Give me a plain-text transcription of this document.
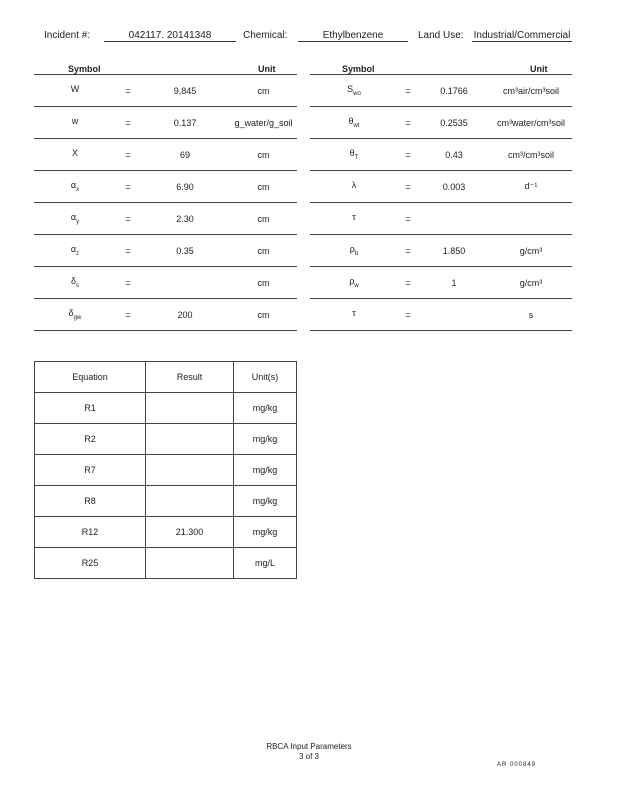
Incident #:	042117. 20141348	Chemical:	Ethylbenzene	Land Use: Industrial/Commercial
Symbol	Unit	Symbol	Unit
W	=	9,845	cm
w	=	0.137	g_water/g_soil
X	=	69	cm
$\alpha_x$	=	6.90	cm
$\alpha_y$	=	2.30	cm
$\alpha_z$	=	0.35	cm
$\delta_s$	=		cm
$\delta_{gw}$	=	200	cm
$S_{wo}$	=	0.1766	cm³air/cm³soil
$\theta_{wt}$	=	0.2535	cm³water/cm³soil
$\theta_T$	=	0.43	cm³/cm³soil
λ	=	0.003	d⁻¹
τ	=		
$\rho_b$	=	1.850	g/cm³
$\rho_w$	=	1	g/cm³
τ	=		s
Equation	Result	Unit(s)
R1		mg/kg
R2		mg/kg
R7		mg/kg
R8		mg/kg
R12	21.300	mg/kg
R25		mg/L
RBCA Input Parameters
3 of 3
AR 000849
